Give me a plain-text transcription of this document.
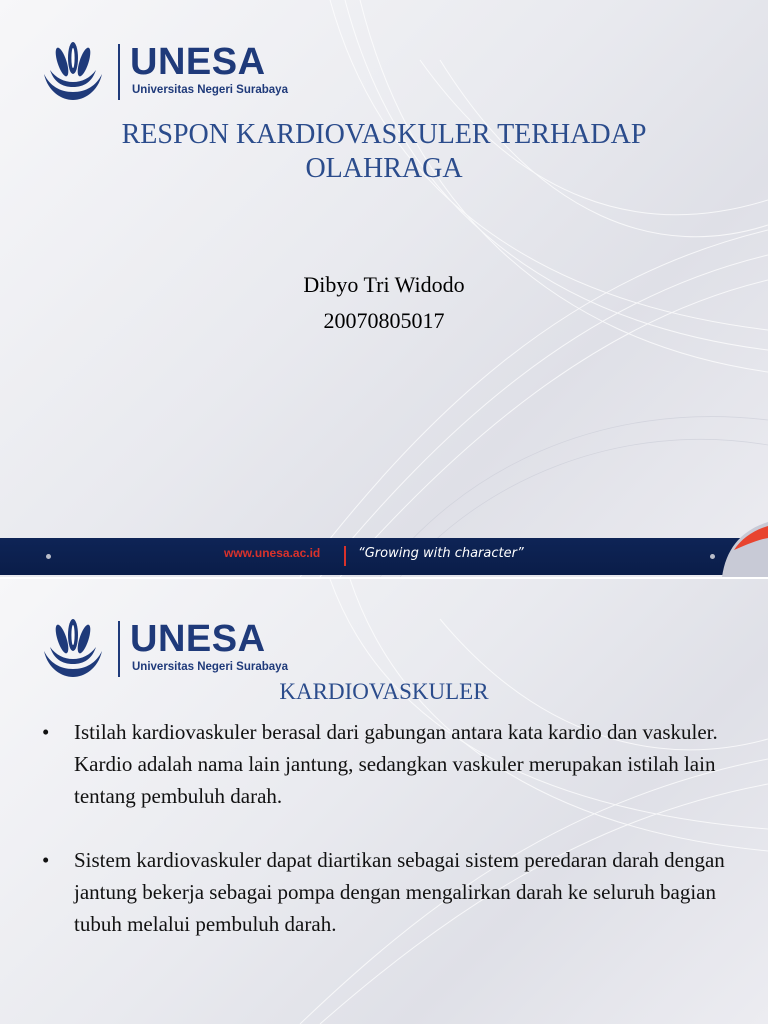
UNESA
Universitas Negeri Surabaya
RESPON KARDIOVASKULER TERHADAP OLAHRAGA
Dibyo Tri Widodo
20070805017
www.unesa.ac.id	“Growing with character”
UNESA
Universitas Negeri Surabaya
KARDIOVASKULER
• Istilah kardiovaskuler berasal dari gabungan antara kata kardio dan vaskuler. Kardio adalah nama lain jantung, sedangkan vaskuler merupakan istilah lain tentang pembuluh darah.
• Sistem kardiovaskuler dapat diartikan sebagai sistem peredaran darah dengan jantung bekerja sebagai pompa dengan mengalirkan darah ke seluruh bagian tubuh melalui pembuluh darah.
